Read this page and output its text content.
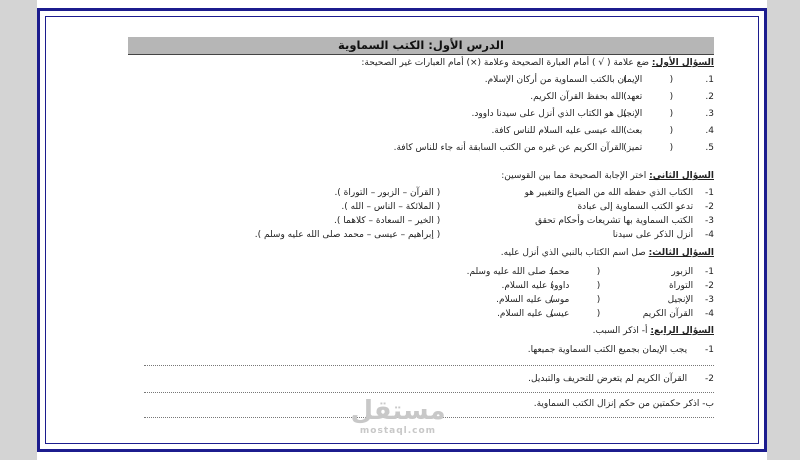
الدرس الأول: الكتب السماوية
السؤال الأول: ضع علامة ( √ ) أمام العبارة الصحيحة وعلامة (×) أمام العبارات غير الصحيحة:
1. ( ) الإيمان بالكتب السماوية من أركان الإسلام.
2. ( ) تعهد الله بحفظ القرآن الكريم.
3. ( ) الإنجيل هو الكتاب الذي أنزل على سيدنا داوود.
4. ( ) بعث الله عيسى عليه السلام للناس كافة.
5. ( ) تميز القرآن الكريم عن غيره من الكتب السابقة أنه جاء للناس كافة.
السؤال الثاني: اختر الإجابة الصحيحة مما بين القوسين:
1- الكتاب الذي حفظه الله من الضياع والتغيير هو ( القرآن – الزبور – التوراة ).
2- تدعو الكتب السماوية إلى عبادة ( الملائكة – الناس – الله ).
3- الكتب السماوية بها تشريعات وأحكام تحقق ( الخير – السعادة – كلاهما ).
4- أنزل الذكر على سيدنا ( إبراهيم – عيسى – محمد صلى الله عليه وسلم ).
السؤال الثالث: صل اسم الكتاب بالنبي الذي أنزل عليه.
1- الزبور ( ) محمد صلى الله عليه وسلم.
2- التوراة ( ) داوود عليه السلام.
3- الإنجيل ( ) موسى عليه السلام.
4- القرآن الكريم ( ) عيسى عليه السلام.
السؤال الرابع: أ- اذكر السبب.
1- يجب الإيمان بجميع الكتب السماوية جميعها.
2- القرآن الكريم لم يتعرض للتحريف والتبديل.
ب- اذكر حكمتين من حكم إنزال الكتب السماوية.
مستقل
mostaql.com
